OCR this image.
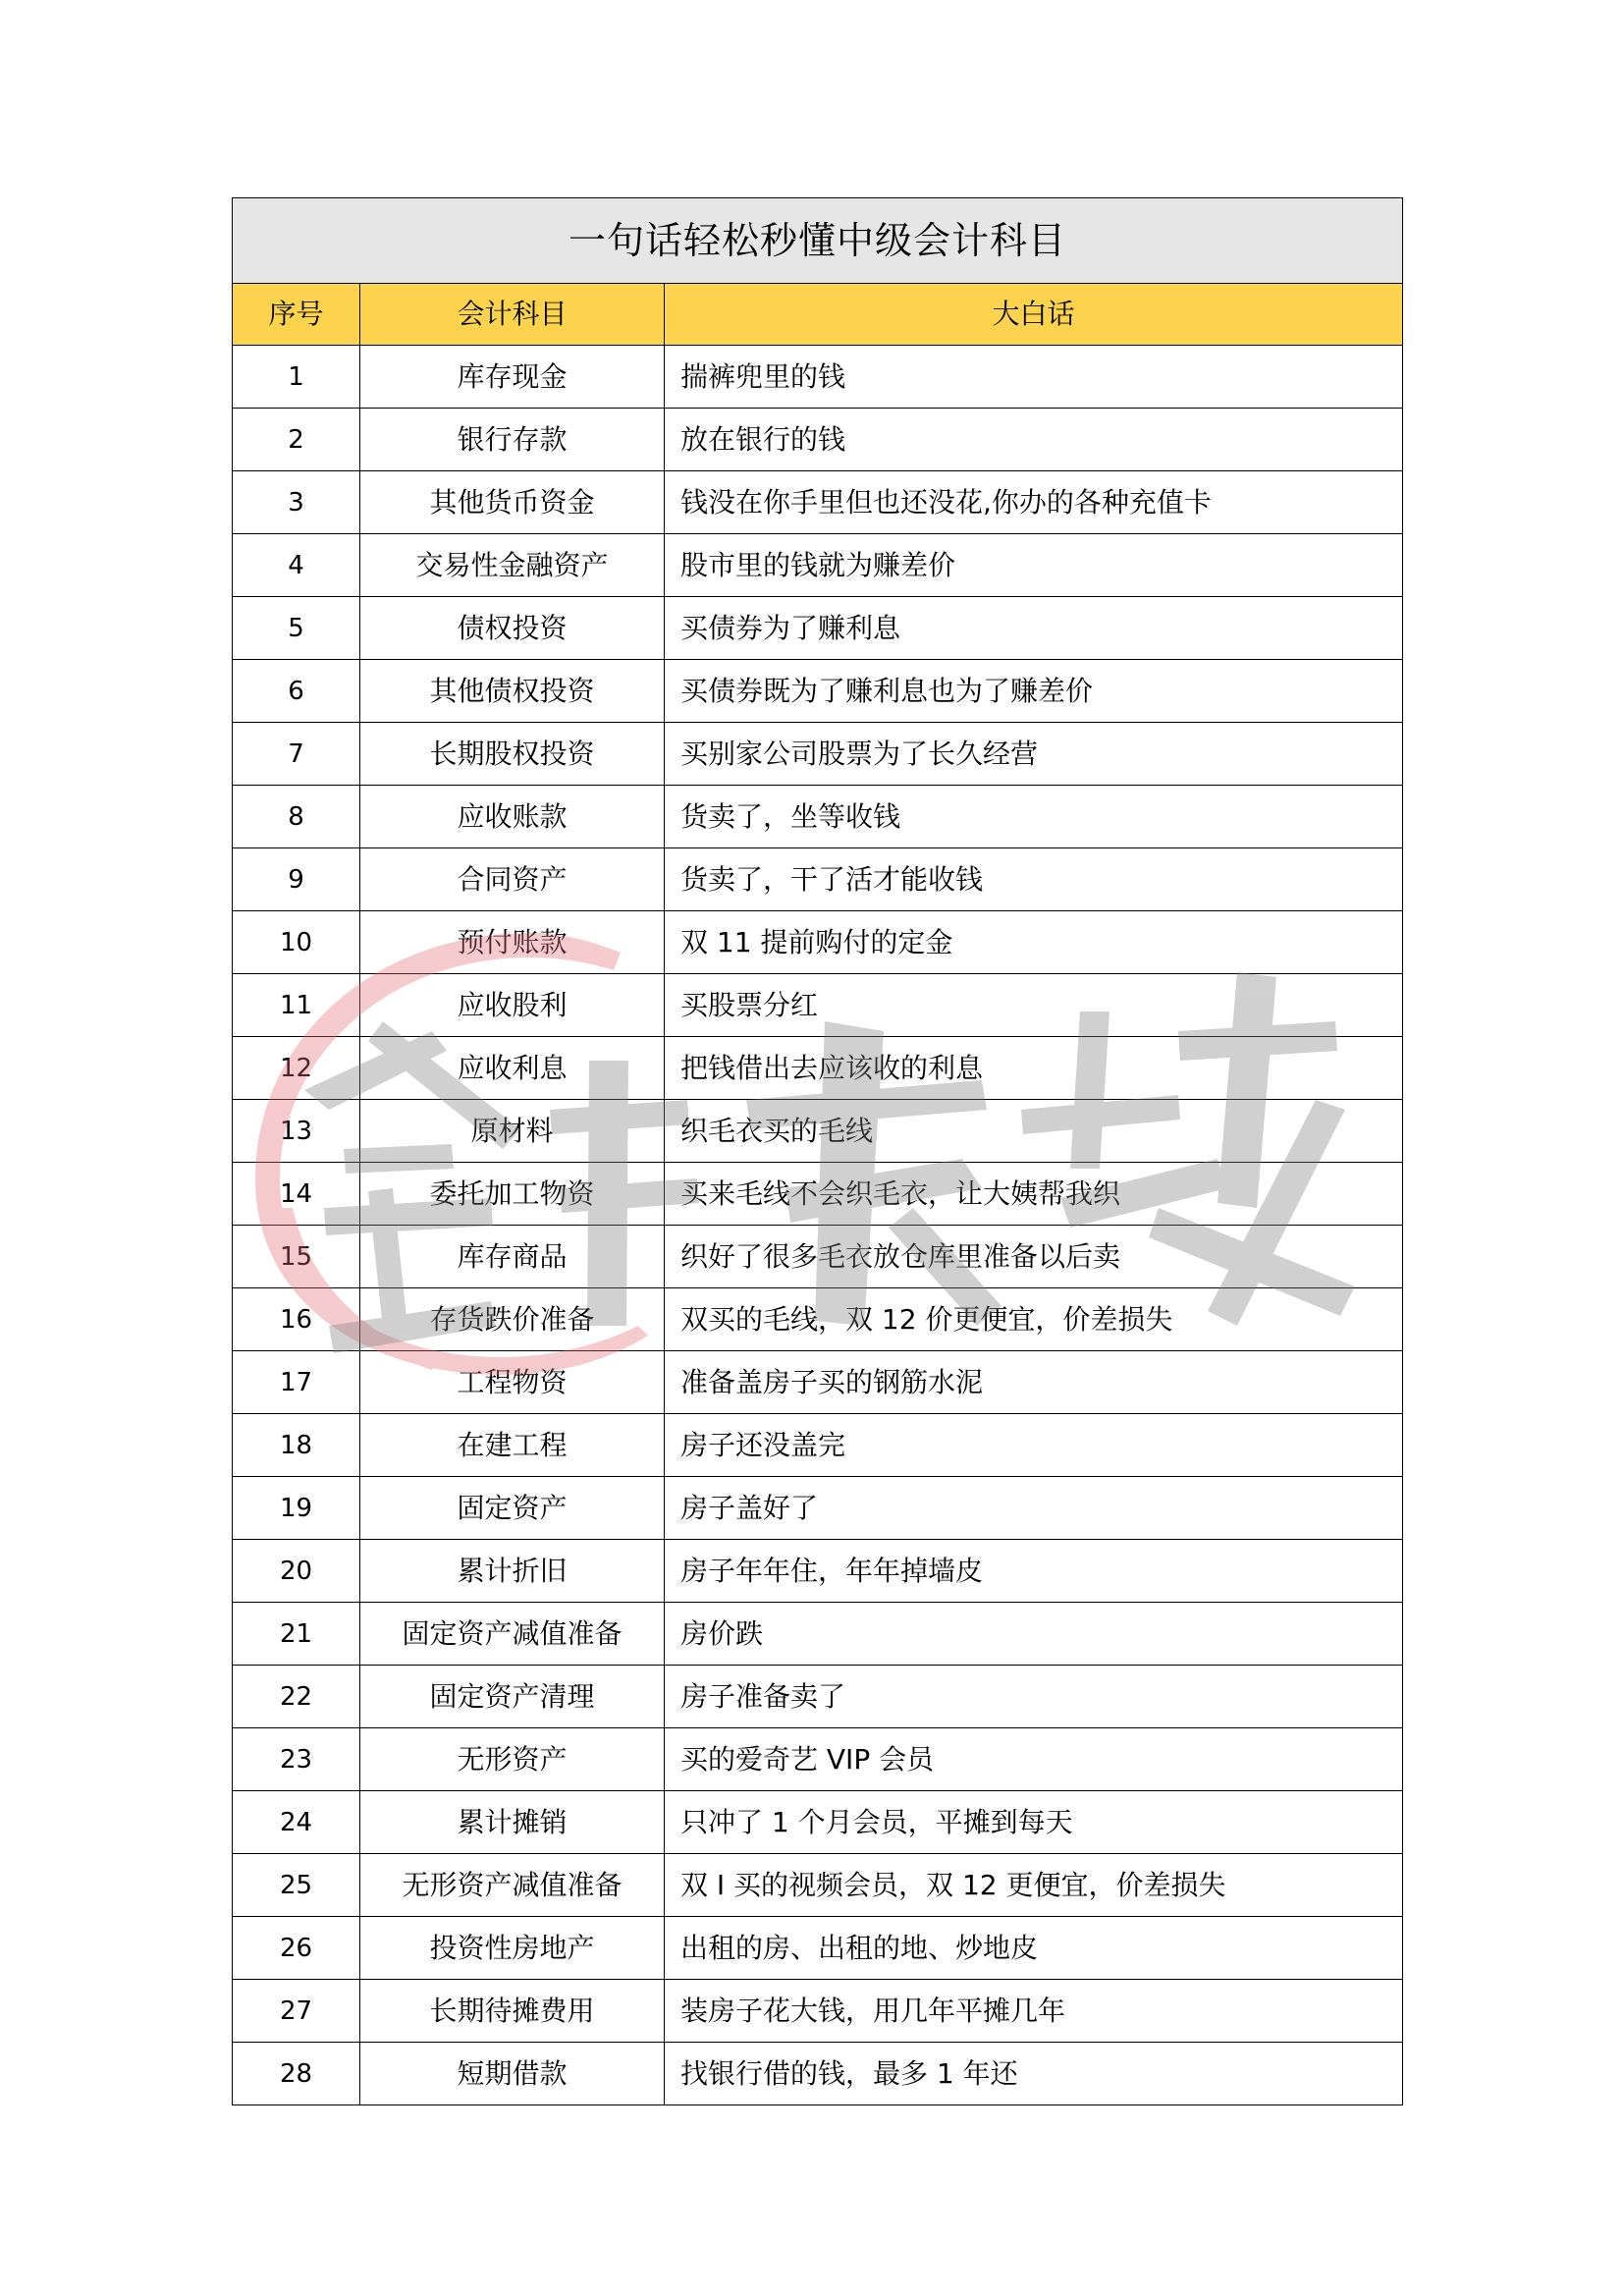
一句话轻松秒懂中级会计科目		
序号	会计科目	大白话
1	库存现金	揣裤兜里的钱
2	银行存款	放在银行的钱
3	其他货币资金	钱没在你手里但也还没花,你办的各种充值卡
4	交易性金融资产	股市里的钱就为赚差价
5	债权投资	买债券为了赚利息
6	其他债权投资	买债券既为了赚利息也为了赚差价
7	长期股权投资	买别家公司股票为了长久经营
8	应收账款	货卖了，坐等收钱
9	合同资产	货卖了，干了活才能收钱
10	预付账款	双 11 提前购付的定金
11	应收股利	买股票分红
12	应收利息	把钱借出去应该收的利息
13	原材料	织毛衣买的毛线
14	委托加工物资	买来毛线不会织毛衣，让大姨帮我织
15	库存商品	织好了很多毛衣放仓库里准备以后卖
16	存货跌价准备	双买的毛线，双 12 价更便宜，价差损失
17	工程物资	准备盖房子买的钢筋水泥
18	在建工程	房子还没盖完
19	固定资产	房子盖好了
20	累计折旧	房子年年住，年年掉墙皮
21	固定资产减值准备	房价跌
22	固定资产清理	房子准备卖了
23	无形资产	买的爱奇艺 VIP 会员
24	累计摊销	只冲了 1 个月会员，平摊到每天
25	无形资产减值准备	双 I 买的视频会员，双 12 更便宜，价差损失
26	投资性房地产	出租的房、出租的地、炒地皮
27	长期待摊费用	装房子花大钱，用几年平摊几年
28	短期借款	找银行借的钱，最多 1 年还
